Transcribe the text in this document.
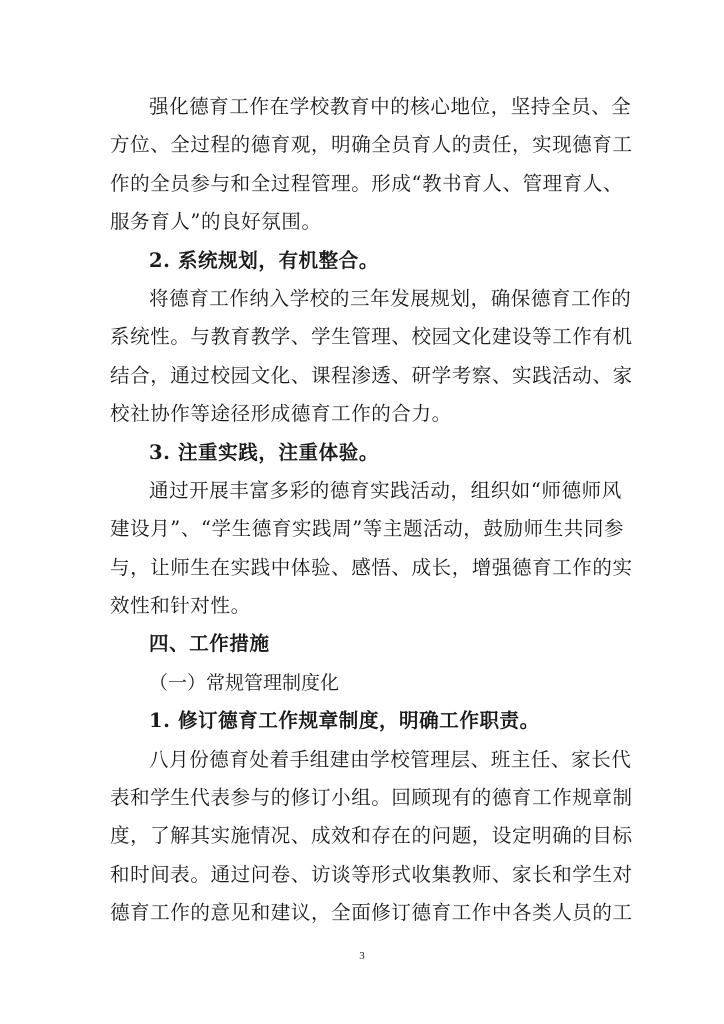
强化德育工作在学校教育中的核心地位，坚持全员、全
方位、全过程的德育观，明确全员育人的责任，实现德育工
作的全员参与和全过程管理。形成“教书育人、管理育人、
服务育人”的良好氛围。
2. 系统规划，有机整合。
将德育工作纳入学校的三年发展规划，确保德育工作的
系统性。与教育教学、学生管理、校园文化建设等工作有机
结合，通过校园文化、课程渗透、研学考察、实践活动、家
校社协作等途径形成德育工作的合力。
3. 注重实践，注重体验。
通过开展丰富多彩的德育实践活动，组织如“师德师风
建设月”、“学生德育实践周”等主题活动，鼓励师生共同参
与，让师生在实践中体验、感悟、成长，增强德育工作的实
效性和针对性。
四、工作措施
（一）常规管理制度化
1. 修订德育工作规章制度，明确工作职责。
八月份德育处着手组建由学校管理层、班主任、家长代
表和学生代表参与的修订小组。回顾现有的德育工作规章制
度，了解其实施情况、成效和存在的问题，设定明确的目标
和时间表。通过问卷、访谈等形式收集教师、家长和学生对
德育工作的意见和建议，全面修订德育工作中各类人员的工
3
